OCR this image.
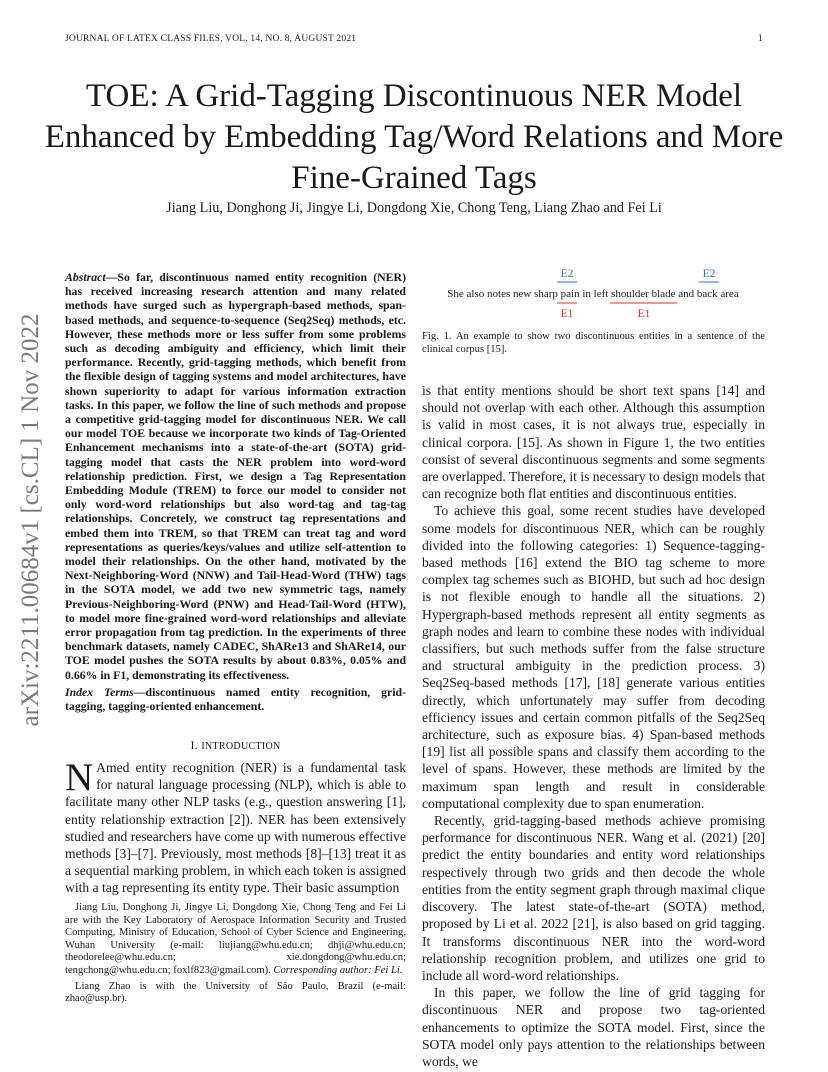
JOURNAL OF LATEX CLASS FILES, VOL. 14, NO. 8, AUGUST 2021	1
TOE: A Grid-Tagging Discontinuous NER Model Enhanced by Embedding Tag/Word Relations and More Fine-Grained Tags
Jiang Liu, Donghong Ji, Jingye Li, Dongdong Xie, Chong Teng, Liang Zhao and Fei Li
arXiv:2211.00684v1 [cs.CL] 1 Nov 2022
Abstract—So far, discontinuous named entity recognition (NER) has received increasing research attention and many related methods have surged such as hypergraph-based methods, span-based methods, and sequence-to-sequence (Seq2Seq) methods, etc. However, these methods more or less suffer from some problems such as decoding ambiguity and efficiency, which limit their performance. Recently, grid-tagging methods, which benefit from the flexible design of tagging systems and model architectures, have shown superiority to adapt for various information extraction tasks. In this paper, we follow the line of such methods and propose a competitive grid-tagging model for discontinuous NER. We call our model TOE because we incorporate two kinds of Tag-Oriented Enhancement mechanisms into a state-of-the-art (SOTA) grid-tagging model that casts the NER problem into word-word relationship prediction. First, we design a Tag Representation Embedding Module (TREM) to force our model to consider not only word-word relationships but also word-tag and tag-tag relationships. Concretely, we construct tag representations and embed them into TREM, so that TREM can treat tag and word representations as queries/keys/values and utilize self-attention to model their relationships. On the other hand, motivated by the Next-Neighboring-Word (NNW) and Tail-Head-Word (THW) tags in the SOTA model, we add two new symmetric tags, namely Previous-Neighboring-Word (PNW) and Head-Tail-Word (HTW), to model more fine-grained word-word relationships and alleviate error propagation from tag prediction. In the experiments of three benchmark datasets, namely CADEC, ShARe13 and ShARe14, our TOE model pushes the SOTA results by about 0.83%, 0.05% and 0.66% in F1, demonstrating its effectiveness.
Index Terms—discontinuous named entity recognition, grid-tagging, tagging-oriented enhancement.
I. INTRODUCTION
N Amed entity recognition (NER) is a fundamental task for natural language processing (NLP), which is able to facilitate many other NLP tasks (e.g., question answering [1], entity relationship extraction [2]). NER has been extensively studied and researchers have come up with numerous effective methods [3]–[7]. Previously, most methods [8]–[13] treat it as a sequential marking problem, in which each token is assigned with a tag representing its entity type. Their basic assumption

Jiang Liu, Donghong Ji, Jingye Li, Dongdong Xie, Chong Teng and Fei Li are with the Key Laboratory of Aerospace Information Security and Trusted Computing, Ministry of Education, School of Cyber Science and Engineering, Wuhan University (e-mail: liujiang@whu.edu.cn; dhji@whu.edu.cn; theodorelee@whu.edu.cn; xie.dongdong@whu.edu.cn; tengchong@whu.edu.cn; foxlf823@gmail.com). Corresponding author: Fei Li.

Liang Zhao is with the University of São Paulo, Brazil (e-mail: zhao@usp.br).

E2	E2
She also notes new sharp pain in left shoulder blade and back area
E1	E1
Fig. 1. An example to show two discontinuous entities in a sentence of the clinical corpus [15].

is that entity mentions should be short text spans [14] and should not overlap with each other. Although this assumption is valid in most cases, it is not always true, especially in clinical corpora. [15]. As shown in Figure 1, the two entities consist of several discontinuous segments and some segments are overlapped. Therefore, it is necessary to design models that can recognize both flat entities and discontinuous entities.

To achieve this goal, some recent studies have developed some models for discontinuous NER, which can be roughly divided into the following categories: 1) Sequence-tagging-based methods [16] extend the BIO tag scheme to more complex tag schemes such as BIOHD, but such ad hoc design is not flexible enough to handle all the situations. 2) Hypergraph-based methods represent all entity segments as graph nodes and learn to combine these nodes with individual classifiers, but such methods suffer from the false structure and structural ambiguity in the prediction process. 3) Seq2Seq-based methods [17], [18] generate various entities directly, which unfortunately may suffer from decoding efficiency issues and certain common pitfalls of the Seq2Seq architecture, such as exposure bias. 4) Span-based methods [19] list all possible spans and classify them according to the level of spans. However, these methods are limited by the maximum span length and result in considerable computational complexity due to span enumeration.

Recently, grid-tagging-based methods achieve promising performance for discontinuous NER. Wang et al. (2021) [20] predict the entity boundaries and entity word relationships respectively through two grids and then decode the whole entities from the entity segment graph through maximal clique discovery. The latest state-of-the-art (SOTA) method, proposed by Li et al. 2022 [21], is also based on grid tagging. It transforms discontinuous NER into the word-word relationship recognition problem, and utilizes one grid to include all word-word relationships.

In this paper, we follow the line of grid tagging for discontinuous NER and propose two tag-oriented enhancements to optimize the SOTA model. First, since the SOTA model only pays attention to the relationships between words, we
